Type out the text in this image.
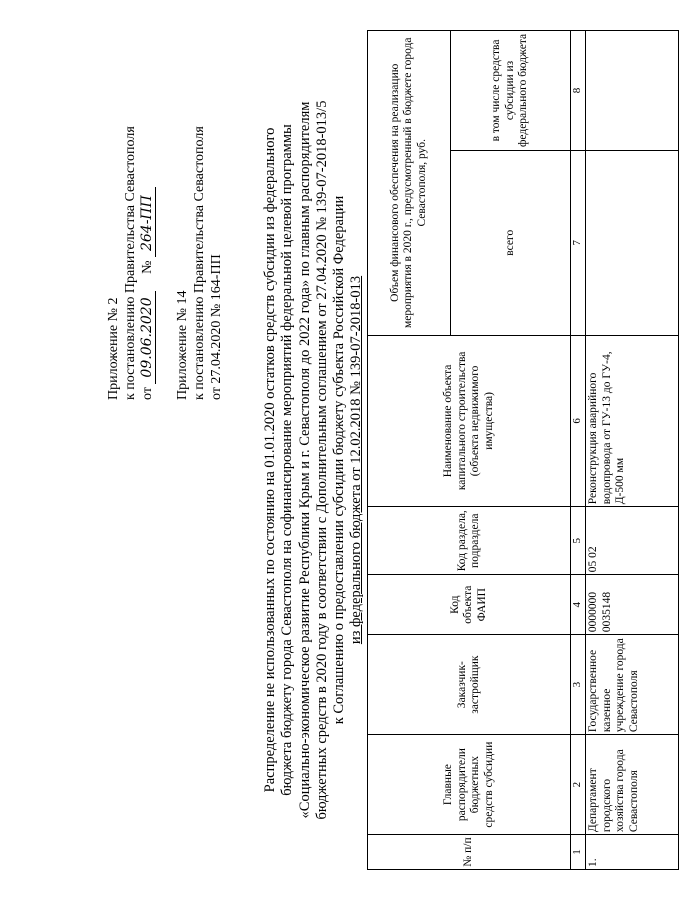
Приложение № 2 к постановлению Правительства Севастополя от 09.06.2020     № 264-ПП
Приложение № 14 к постановлению Правительства Севастополя от 27.04.2020 № 164-ПП	Распределение не использованных по состоянию на 01.01.2020 остатков средств субсидии из федерального бюджета бюджету города Севастополя на софинансирование мероприятий федеральной целевой программы «Социально-экономическое развитие Республики Крым и г. Севастополя до 2022 года» по главным распорядителям бюджетных средств в 2020 году в соответствии с Дополнительным соглашением от 27.04.2020 № 139-07-2018-013/5 к Соглашению о предоставлении субсидии бюджету субъекта Российской Федерации из федерального бюджета от 12.02.2018 № 139-07-2018-013
№ п/п	Главные распорядители бюджетных средств субсидии	Заказчик-застройщик	Код объекта ФАИП	Код раздела, подраздела	Наименование объекта капитального строительства (объекта недвижимого имущества)	Объем финансового обеспечения на реализацию мероприятия в 2020 г., предусмотренный в бюджете города Севастополя, руб.	
						всего	в том числе средства субсидии из федерального бюджета
1	2	3	4	5	6	7	8
1.	Департамент городского хозяйства города Севастополя	Государственное казенное учреждение города Севастополя	0000000 0035148	05 02	Реконструкция аварийного водопровода от ГУ-13 до ГУ-4, Д-500 мм		
